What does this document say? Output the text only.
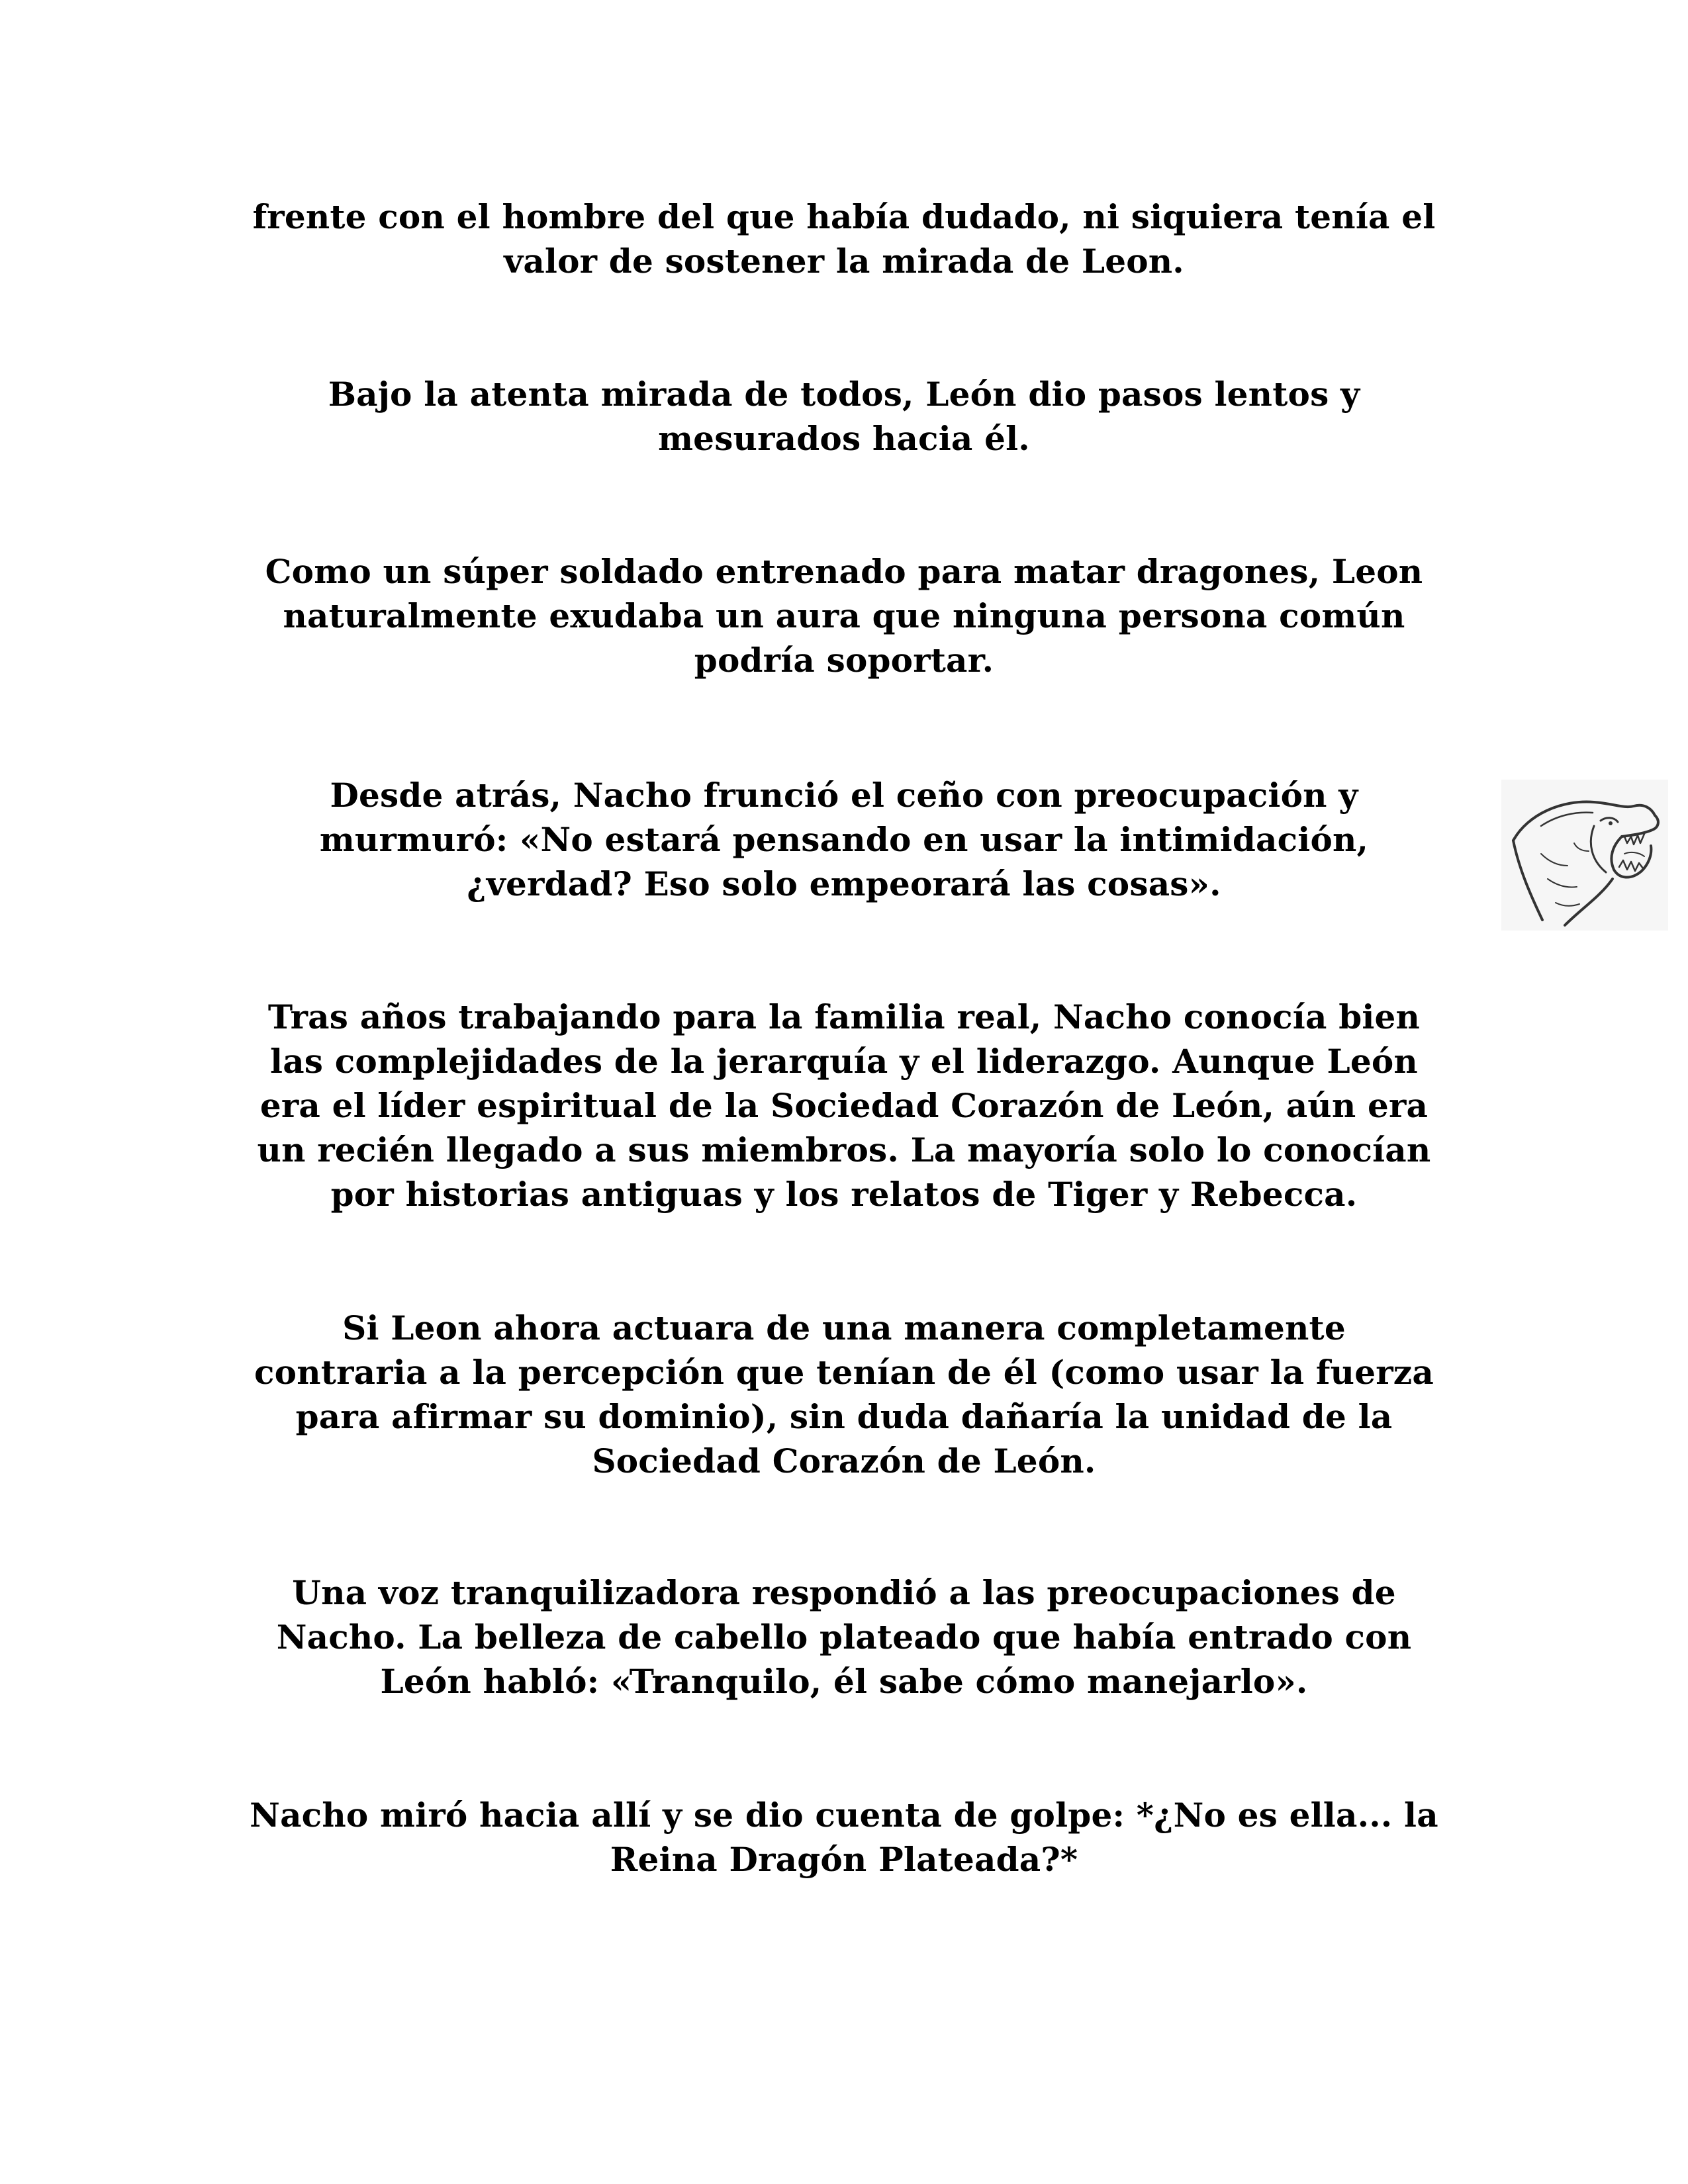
frente con el hombre del que había dudado, ni siquiera tenía el
valor de sostener la mirada de Leon.

Bajo la atenta mirada de todos, León dio pasos lentos y
mesurados hacia él.

Como un súper soldado entrenado para matar dragones, Leon
naturalmente exudaba un aura que ninguna persona común
podría soportar.

Desde atrás, Nacho frunció el ceño con preocupación y
murmuró: «No estará pensando en usar la intimidación,
¿verdad? Eso solo empeorará las cosas».

Tras años trabajando para la familia real, Nacho conocía bien
las complejidades de la jerarquía y el liderazgo. Aunque León
era el líder espiritual de la Sociedad Corazón de León, aún era
un recién llegado a sus miembros. La mayoría solo lo conocían
por historias antiguas y los relatos de Tiger y Rebecca.

Si Leon ahora actuara de una manera completamente
contraria a la percepción que tenían de él (como usar la fuerza
para afirmar su dominio), sin duda dañaría la unidad de la
Sociedad Corazón de León.

Una voz tranquilizadora respondió a las preocupaciones de
Nacho. La belleza de cabello plateado que había entrado con
León habló: «Tranquilo, él sabe cómo manejarlo».

Nacho miró hacia allí y se dio cuenta de golpe: *¿No es ella... la
Reina Dragón Plateada?*
